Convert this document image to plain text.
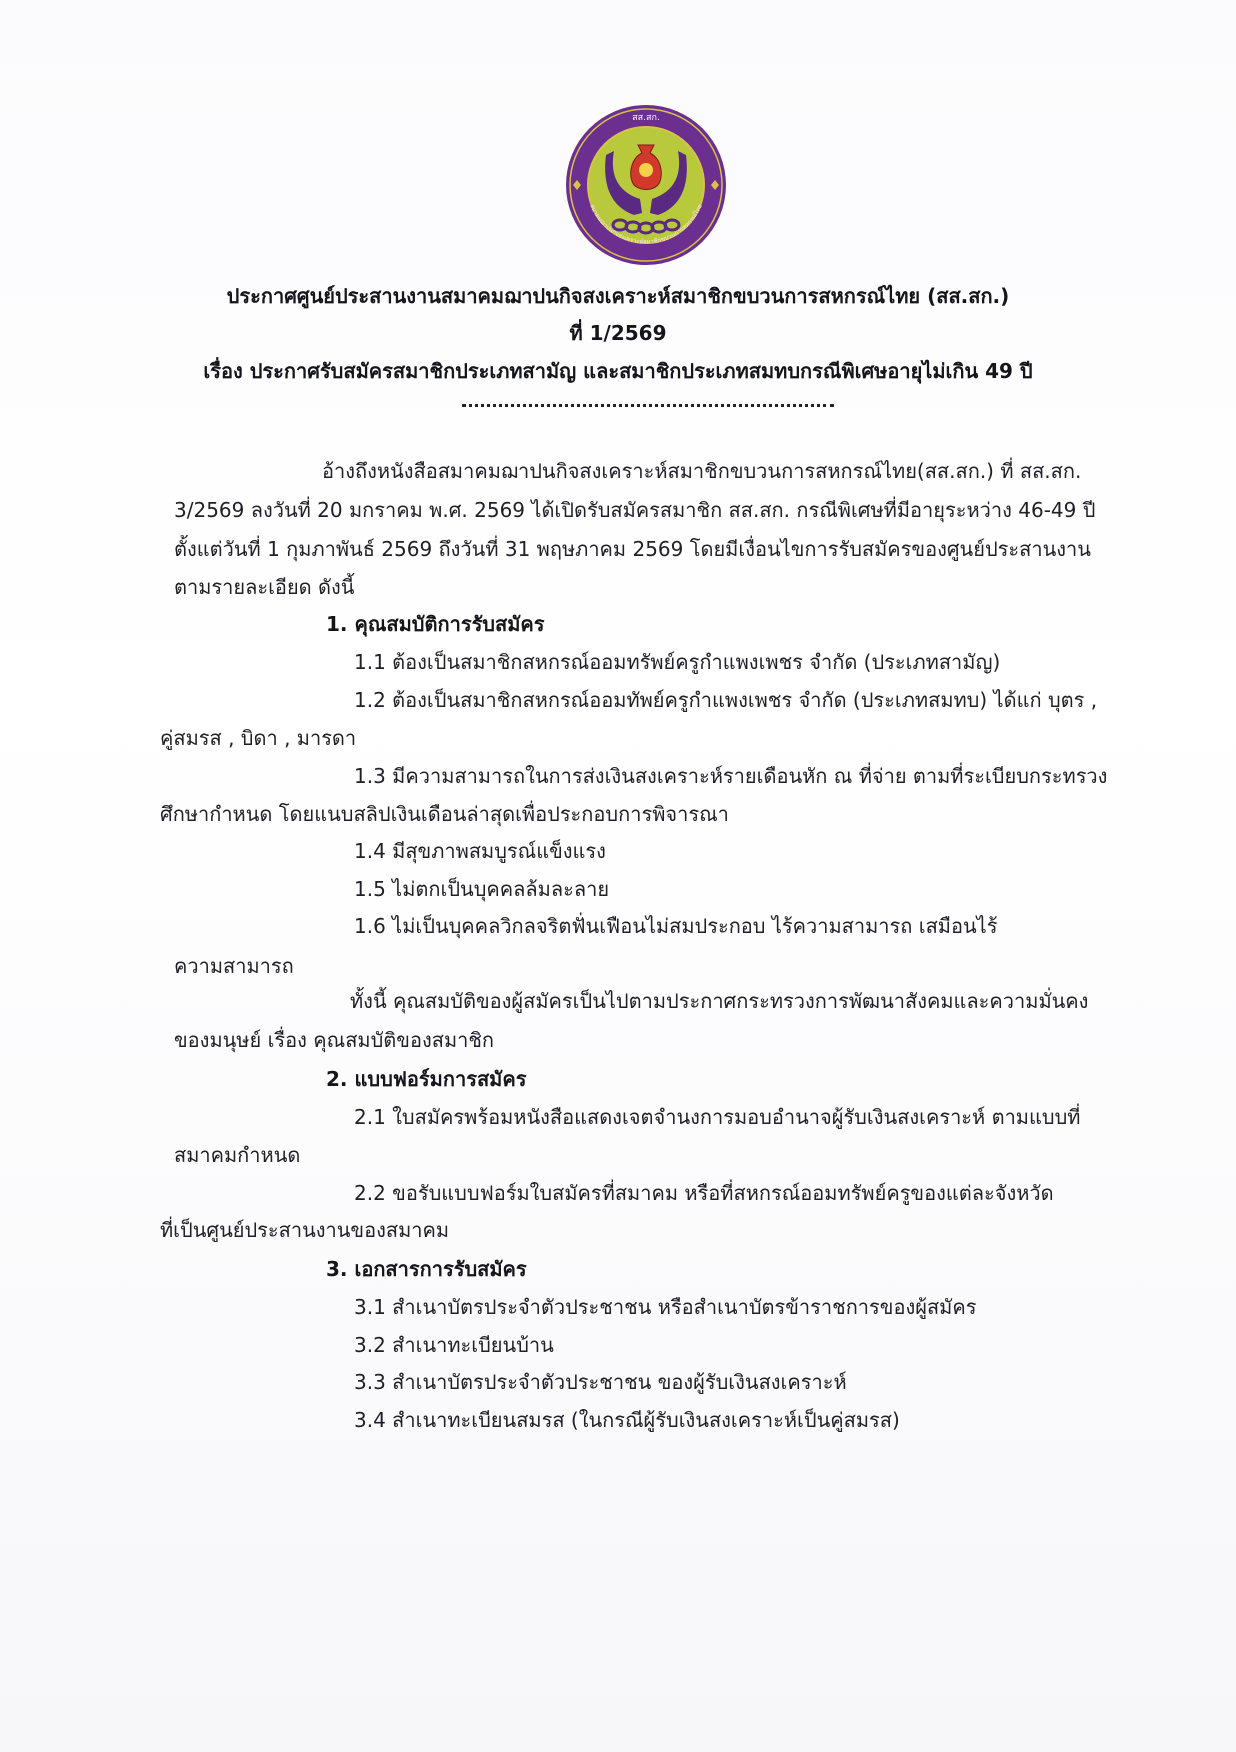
สส.สก.
สมาคมฌาปนกิจสงเคราะห์สมาชิกขบวนการสหกรณ์ไทย
ประกาศศูนย์ประสานงานสมาคมฌาปนกิจสงเคราะห์สมาชิกขบวนการสหกรณ์ไทย (สส.สก.)
ที่ 1/2569
เรื่อง ประกาศรับสมัครสมาชิกประเภทสามัญ และสมาชิกประเภทสมทบกรณีพิเศษอายุไม่เกิน 49 ปี
อ้างถึงหนังสือสมาคมฌาปนกิจสงเคราะห์สมาชิกขบวนการสหกรณ์ไทย(สส.สก.) ที่ สส.สก.
3/2569 ลงวันที่ 20 มกราคม พ.ศ. 2569 ได้เปิดรับสมัครสมาชิก สส.สก. กรณีพิเศษที่มีอายุระหว่าง 46-49 ปี
ตั้งแต่วันที่ 1 กุมภาพันธ์ 2569 ถึงวันที่ 31 พฤษภาคม 2569 โดยมีเงื่อนไขการรับสมัครของศูนย์ประสานงาน
ตามรายละเอียด ดังนี้
1. คุณสมบัติการรับสมัคร
1.1 ต้องเป็นสมาชิกสหกรณ์ออมทรัพย์ครูกำแพงเพชร จำกัด (ประเภทสามัญ)
1.2 ต้องเป็นสมาชิกสหกรณ์ออมทัพย์ครูกำแพงเพชร จำกัด (ประเภทสมทบ) ได้แก่ บุตร ,
คู่สมรส , บิดา , มารดา
1.3 มีความสามารถในการส่งเงินสงเคราะห์รายเดือนหัก ณ ที่จ่าย ตามที่ระเบียบกระทรวง
ศึกษากำหนด โดยแนบสลิปเงินเดือนล่าสุดเพื่อประกอบการพิจารณา
1.4 มีสุขภาพสมบูรณ์แข็งแรง
1.5 ไม่ตกเป็นบุคคลล้มละลาย
1.6 ไม่เป็นบุคคลวิกลจริตฟั่นเฟือนไม่สมประกอบ ไร้ความสามารถ เสมือนไร้
ความสามารถ
ทั้งนี้ คุณสมบัติของผู้สมัครเป็นไปตามประกาศกระทรวงการพัฒนาสังคมและความมั่นคง
ของมนุษย์ เรื่อง คุณสมบัติของสมาชิก
2. แบบฟอร์มการสมัคร
2.1 ใบสมัครพร้อมหนังสือแสดงเจตจำนงการมอบอำนาจผู้รับเงินสงเคราะห์ ตามแบบที่
สมาคมกำหนด
2.2 ขอรับแบบฟอร์มใบสมัครที่สมาคม หรือที่สหกรณ์ออมทรัพย์ครูของแต่ละจังหวัด
ที่เป็นศูนย์ประสานงานของสมาคม
3. เอกสารการรับสมัคร
3.1 สำเนาบัตรประจำตัวประชาชน หรือสำเนาบัตรข้าราชการของผู้สมัคร
3.2 สำเนาทะเบียนบ้าน
3.3 สำเนาบัตรประจำตัวประชาชน ของผู้รับเงินสงเคราะห์
3.4 สำเนาทะเบียนสมรส (ในกรณีผู้รับเงินสงเคราะห์เป็นคู่สมรส)
